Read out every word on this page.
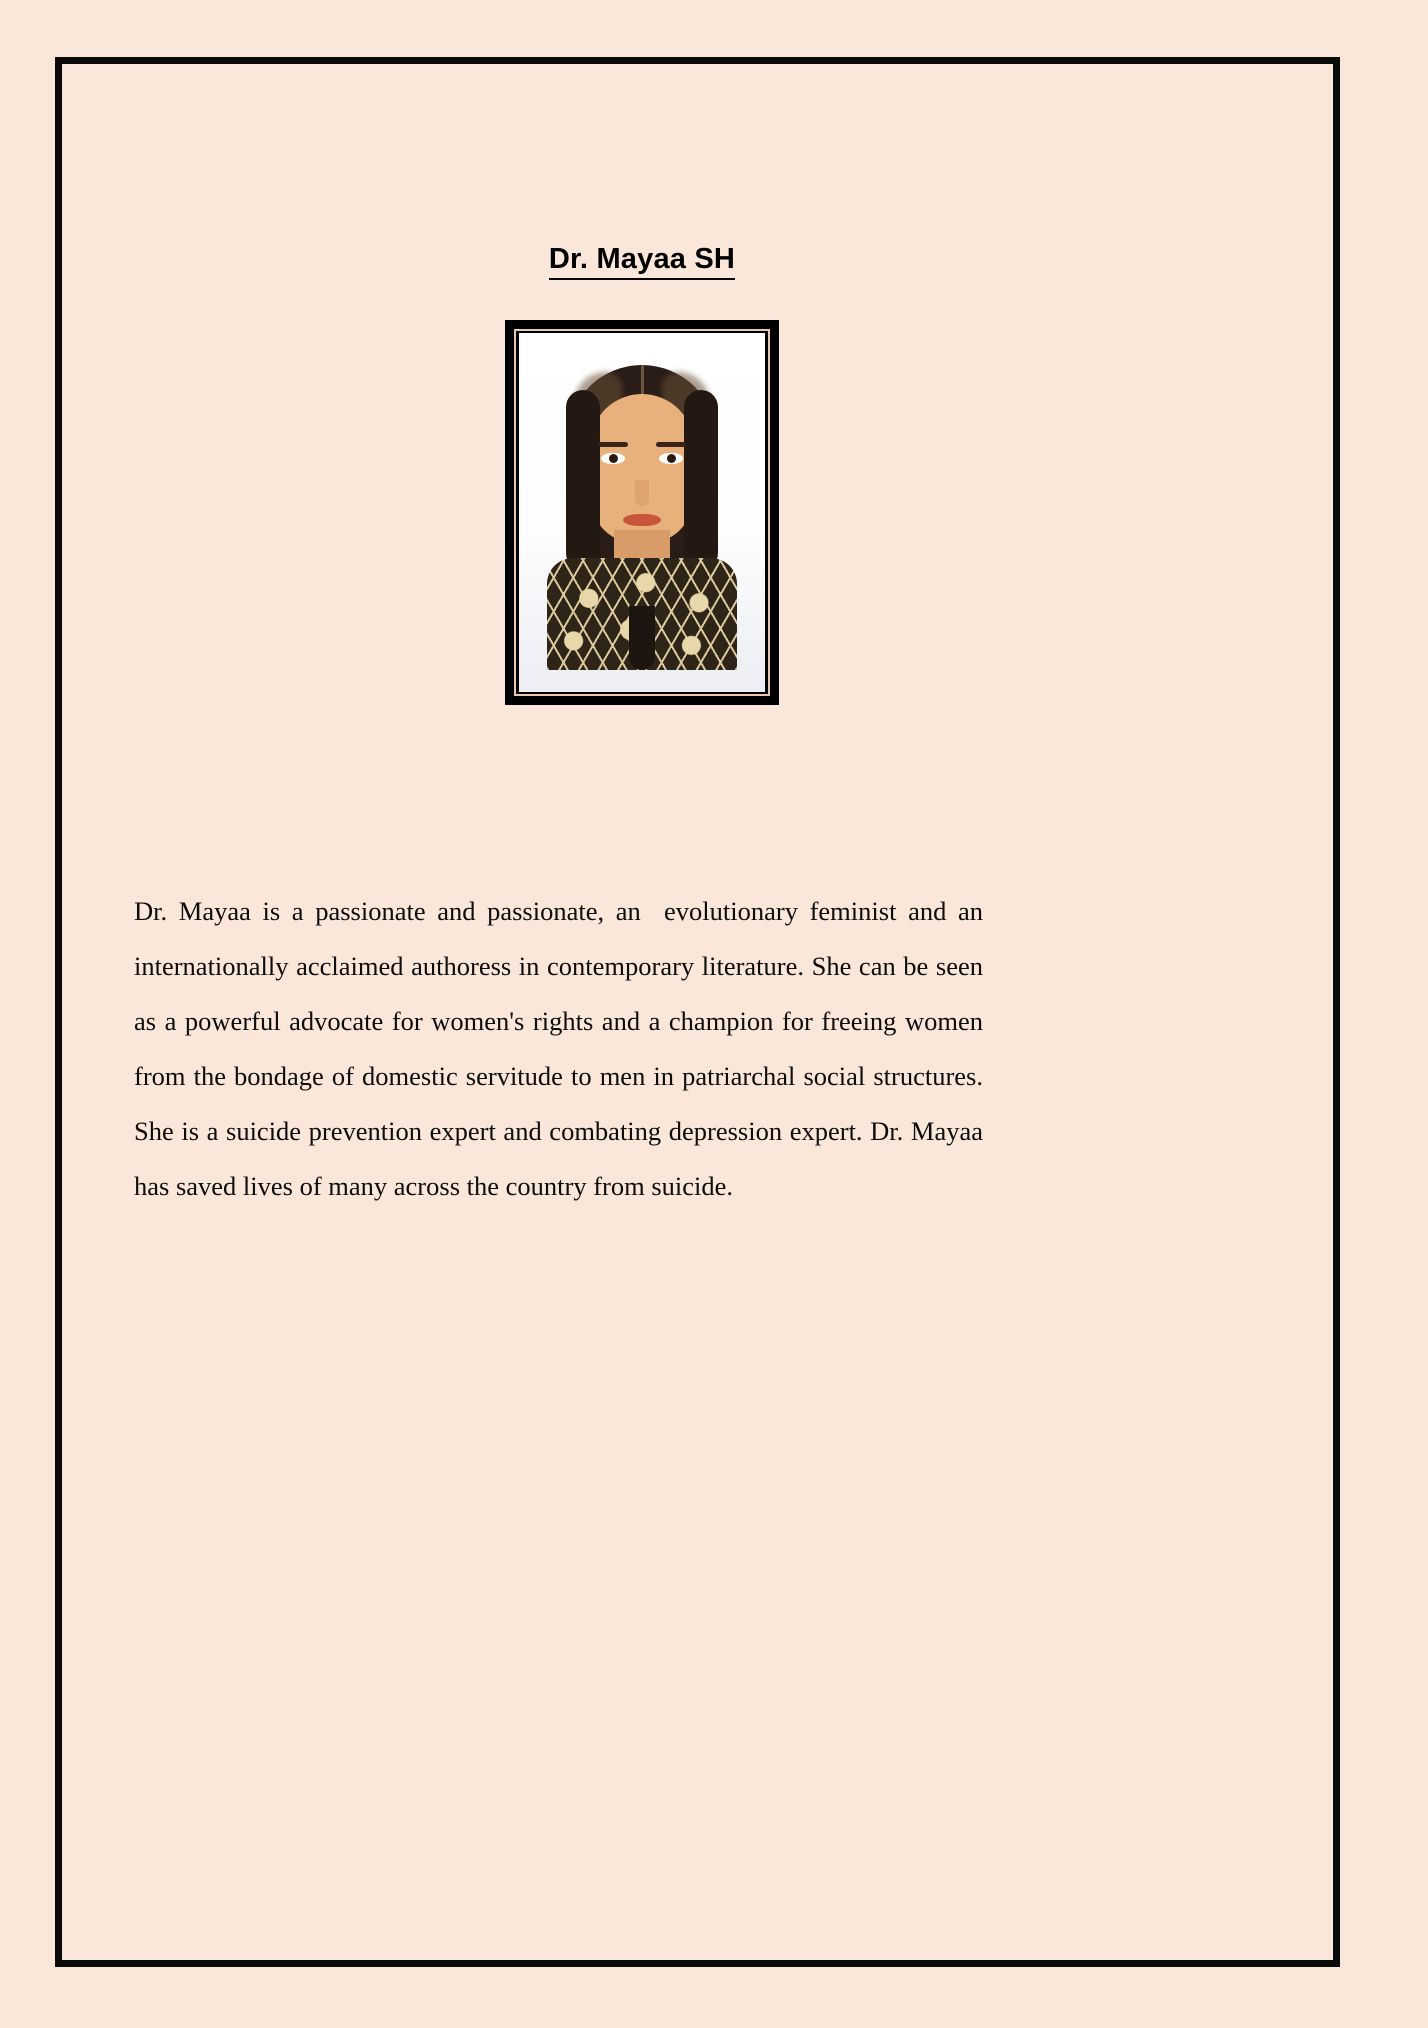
Dr. Mayaa SH
Dr. Mayaa is a passionate and passionate, an  evolutionary feminist and an internationally acclaimed authoress in contemporary literature. She can be seen as a powerful advocate for women's rights and a champion for freeing women from the bondage of domestic servitude to men in patriarchal social structures. She is a suicide prevention expert and combating depression expert. Dr. Mayaa has saved lives of many across the country from suicide.
